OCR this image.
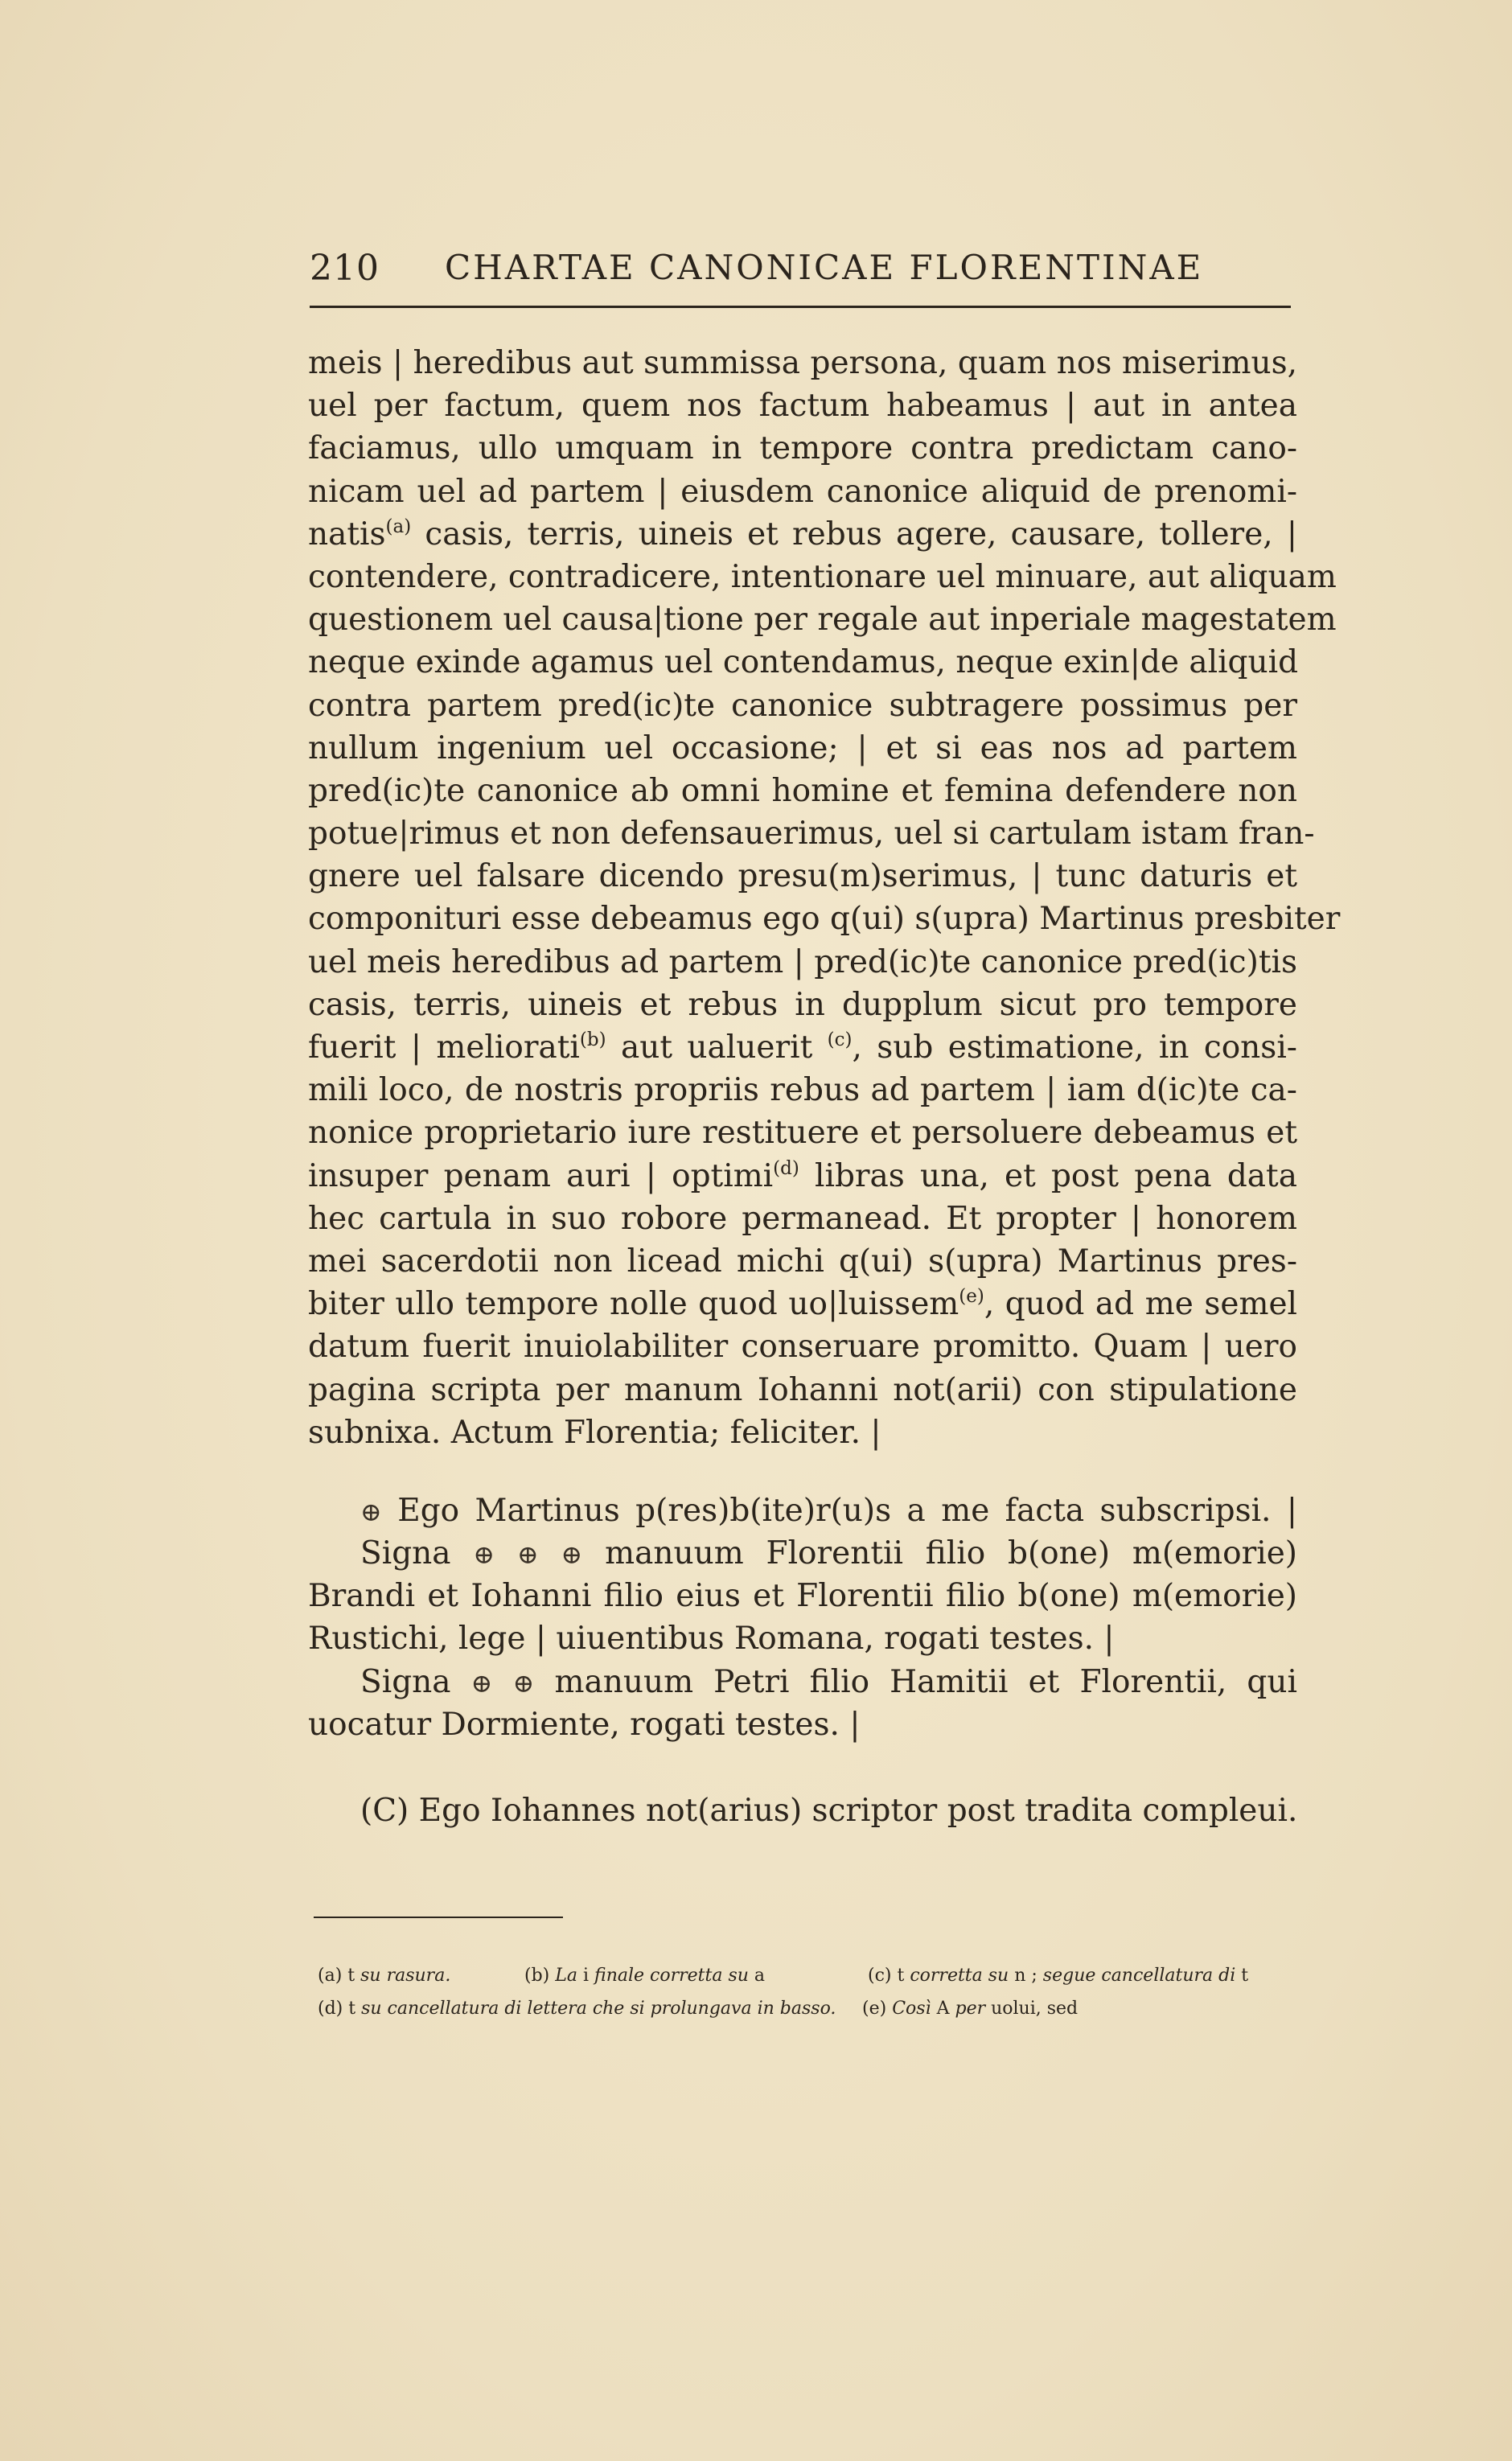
210 CHARTAE CANONICAE FLORENTINAE
meis | heredibus aut summissa persona, quam nos miserimus,
uel per factum, quem nos factum habeamus | aut in antea
faciamus, ullo umquam in tempore contra predictam cano-
nicam uel ad partem | eiusdem canonice aliquid de prenomi-
natis$^{(a)}$ casis, terris, uineis et rebus agere, causare, tollere, |
contendere, contradicere, intentionare uel minuare, aut aliquam
questionem uel causa|tione per regale aut inperiale magestatem
neque exinde agamus uel contendamus, neque exin|de aliquid
contra partem pred(ic)te canonice subtragere possimus per
nullum ingenium uel occasione; | et si eas nos ad partem
pred(ic)te canonice ab omni homine et femina defendere non
potue|rimus et non defensauerimus, uel si cartulam istam fran-
gnere uel falsare dicendo presu(m)serimus, | tunc daturis et
componituri esse debeamus ego q(ui) s(upra) Martinus presbiter
uel meis heredibus ad partem | pred(ic)te canonice pred(ic)tis
casis, terris, uineis et rebus in dupplum sicut pro tempore
fuerit | meliorati$^{(b)}$ aut ualuerit $^{(c)}$, sub estimatione, in consi-
mili loco, de nostris propriis rebus ad partem | iam d(ic)te ca-
nonice proprietario iure restituere et persoluere debeamus et
insuper penam auri | optimi$^{(d)}$ libras una, et post pena data
hec cartula in suo robore permanead. Et propter | honorem
mei sacerdotii non licead michi q(ui) s(upra) Martinus pres-
biter ullo tempore nolle quod uo|luissem$^{(e)}$, quod ad me semel
datum fuerit inuiolabiliter conseruare promitto. Quam | uero
pagina scripta per manum Iohanni not(arii) con stipulatione
subnixa. Actum Florentia; feliciter. |
⊕ Ego Martinus p(res)b(ite)r(u)s a me facta subscripsi. |
Signa ⊕ ⊕ ⊕ manuum Florentii filio b(one) m(emorie)
Brandi et Iohanni filio eius et Florentii filio b(one) m(emorie)
Rustichi, lege | uiuentibus Romana, rogati testes. |
Signa ⊕ ⊕ manuum Petri filio Hamitii et Florentii, qui
uocatur Dormiente, rogati testes. |
(C) Ego Iohannes not(arius) scriptor post tradita compleui.
(a) t su rasura.	(b) La i finale corretta su a	(c) t corretta su n ; segue cancellatura di t
(d) t su cancellatura di lettera che si prolungava in basso. (e) Così A per uolui, sed
